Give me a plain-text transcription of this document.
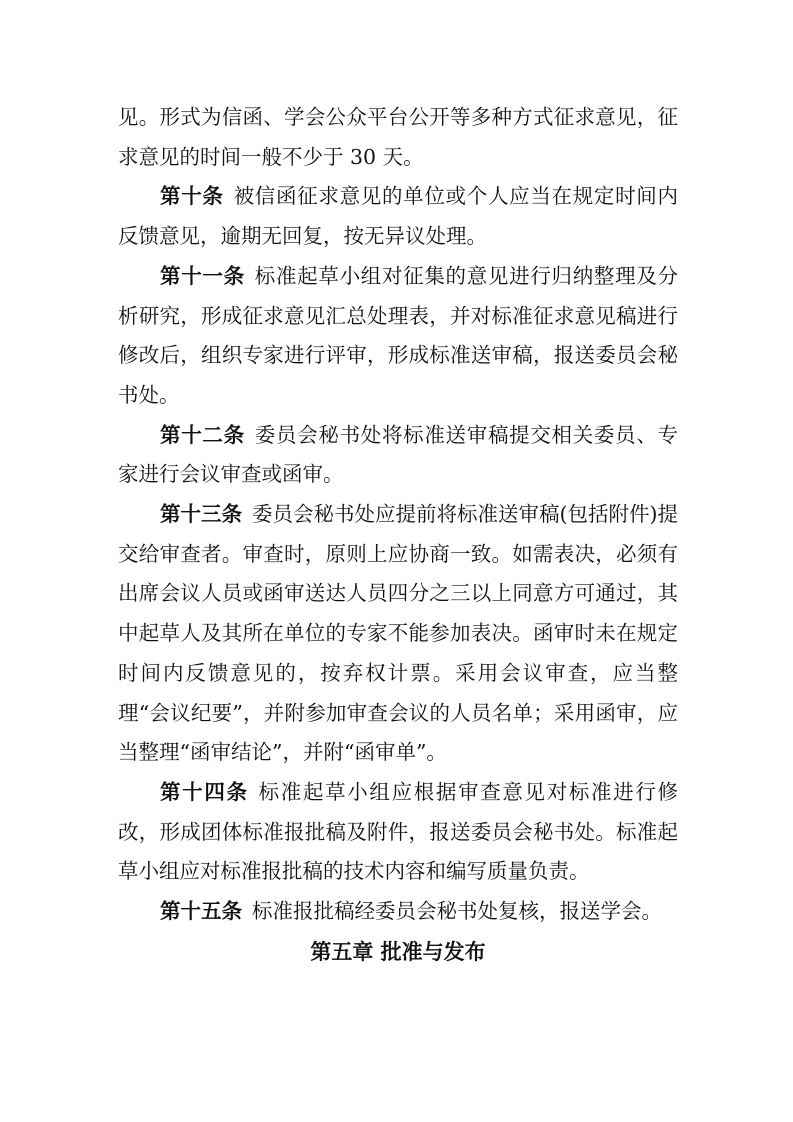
见。形式为信函、学会公众平台公开等多种方式征求意见，征求意见的时间一般不少于 30 天。

第十条 被信函征求意见的单位或个人应当在规定时间内反馈意见，逾期无回复，按无异议处理。

第十一条 标准起草小组对征集的意见进行归纳整理及分析研究，形成征求意见汇总处理表，并对标准征求意见稿进行修改后，组织专家进行评审，形成标准送审稿，报送委员会秘书处。

第十二条 委员会秘书处将标准送审稿提交相关委员、专家进行会议审查或函审。

第十三条 委员会秘书处应提前将标准送审稿(包括附件)提交给审查者。审查时，原则上应协商一致。如需表决，必须有出席会议人员或函审送达人员四分之三以上同意方可通过，其中起草人及其所在单位的专家不能参加表决。函审时未在规定时间内反馈意见的，按弃权计票。采用会议审查，应当整理“会议纪要”，并附参加审查会议的人员名单；采用函审，应当整理“函审结论”，并附“函审单”。

第十四条 标准起草小组应根据审查意见对标准进行修改，形成团体标准报批稿及附件，报送委员会秘书处。标准起草小组应对标准报批稿的技术内容和编写质量负责。

第十五条 标准报批稿经委员会秘书处复核，报送学会。

第五章 批准与发布
